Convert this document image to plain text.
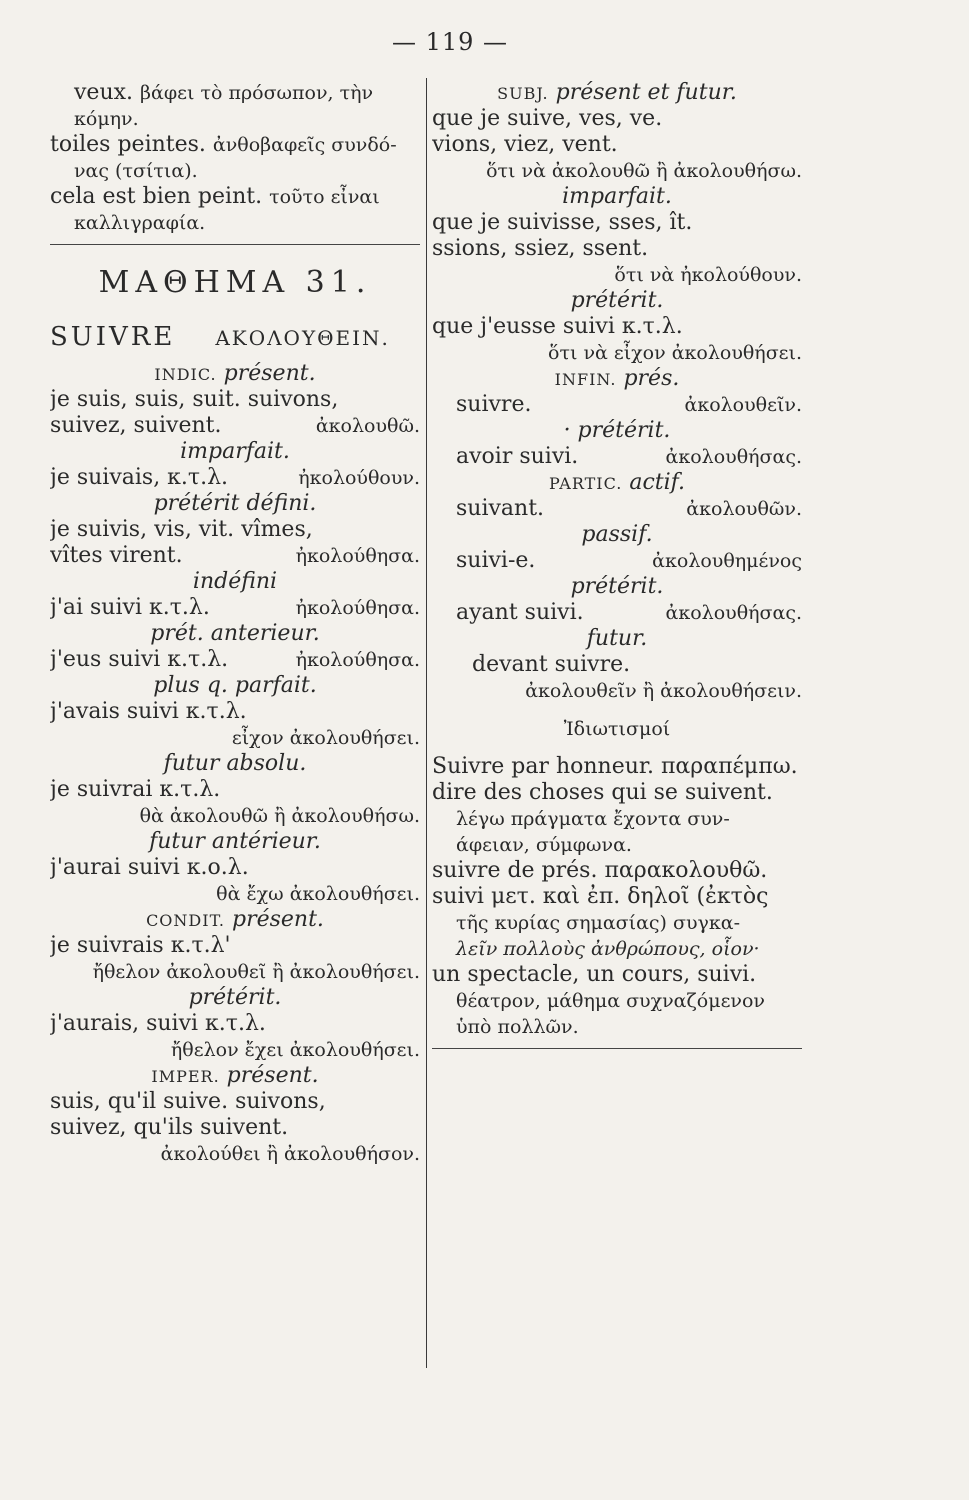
— 119 —
veux. βάφει τὸ πρόσωπον, τὴν
κόμην.
toiles peintes. ἀνθοβαφεῖς συνδό-
νας (τσίτια).
cela est bien peint. τοῦτο εἶναι
καλλιγραφία.
ΜΑΘΗΜΑ 31.
SUIVRE ΑΚΟΛΟΥΘΕΙΝ.
INDIC. présent.
je suis, suis, suit. suivons,
suivez, suivent.	ἀκολουθῶ.
imparfait.
je suivais, κ.τ.λ.	ἠκολούθουν.
prétérit défini.
je suivis, vis, vit. vîmes,
vîtes virent.	ἠκολούθησα.
indéfini
j'ai suivi κ.τ.λ.	ἠκολούθησα.
prét. anterieur.
j'eus suivi κ.τ.λ.	ἠκολούθησα.
plus q. parfait.
j'avais suivi κ.τ.λ.
εἶχον ἀκολουθήσει.
futur absolu.
je suivrai κ.τ.λ.
θὰ ἀκολουθῶ ἢ ἀκολουθήσω.
futur antérieur.
j'aurai suivi κ.ο.λ.
θὰ ἔχω ἀκολουθήσει.
CONDIT. présent.
je suivrais κ.τ.λ'
ἤθελον ἀκολουθεῖ ἢ ἀκολουθήσει.
prétérit.
j'aurais, suivi κ.τ.λ.
ἤθελον ἔχει ἀκολουθήσει.
IMPER. présent.
suis, qu'il suive. suivons,
suivez, qu'ils suivent.
ἀκολούθει ἢ ἀκολουθήσον.
SUBJ. présent et futur.
que je suive, ves, ve.
vions, viez, vent.
ὅτι νὰ ἀκολουθῶ ἢ ἀκολουθήσω.
imparfait.
que je suivisse, sses, ît.
ssions, ssiez, ssent.
ὅτι νὰ ἠκολούθουν.
prétérit.
que j'eusse suivi κ.τ.λ.
ὅτι νὰ εἶχον ἀκολουθήσει.
INFIN. prés.
suivre.	ἀκολουθεῖν.
· prétérit.
avoir suivi.	ἀκολουθήσας.
PARTIC. actif.
suivant.	ἀκολουθῶν.
passif.
suivi-e.	ἀκολουθημένος
prétérit.
ayant suivi.	ἀκολουθήσας.
futur.
devant suivre.
ἀκολουθεῖν ἢ ἀκολουθήσειν.
Ἰδιωτισμοί
Suivre par honneur. παραπέμπω.
dire des choses qui se suivent.
λέγω πράγματα ἔχοντα συν-
άφειαν, σύμφωνα.
suivre de prés. παρακολουθῶ.
suivi μετ. καὶ ἐπ. δηλοῖ (ἐκτὸς
τῆς κυρίας σημασίας) συγκα-
λεῖν πολλοὺς ἀνθρώπους, οἷον·
un spectacle, un cours, suivi.
θέατρον, μάθημα συχναζόμενον
ὑπὸ πολλῶν.
